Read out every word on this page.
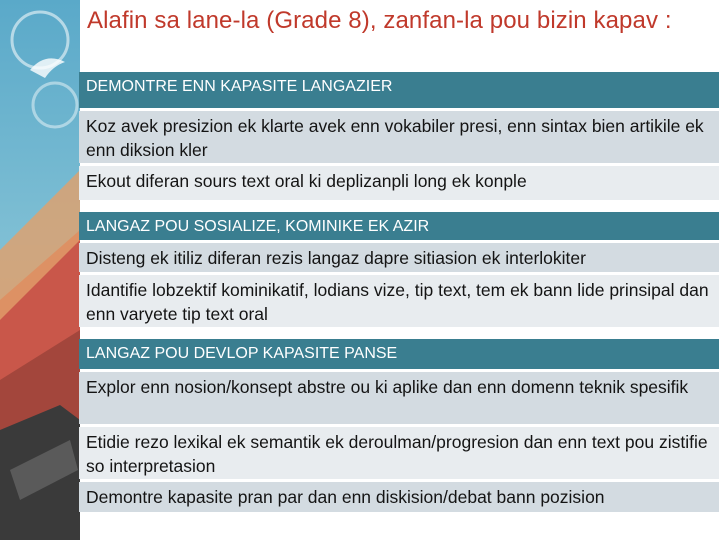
Alafin sa lane-la (Grade 8), zanfan-la pou bizin kapav :
DEMONTRE ENN KAPASITE LANGAZIER
Koz avek presizion ek klarte avek enn vokabiler presi, enn sintax bien artikile ek enn diksion kler
Ekout diferan sours text oral ki deplizanpli long ek konple
LANGAZ POU SOSIALIZE, KOMINIKE EK AZIR
Disteng ek itiliz diferan rezis langaz dapre sitiasion ek interlokiter
Idantifie lobzektif kominikatif, lodians vize, tip text, tem ek bann lide prinsipal dan enn varyete tip text oral
LANGAZ POU DEVLOP KAPASITE PANSE
Explor enn nosion/konsept abstre ou ki aplike dan enn domenn teknik spesifik
Etidie rezo lexikal ek semantik ek deroulman/progresion dan enn text pou zistifie so interpretasion
Demontre kapasite pran par dan enn diskision/debat bann pozision
